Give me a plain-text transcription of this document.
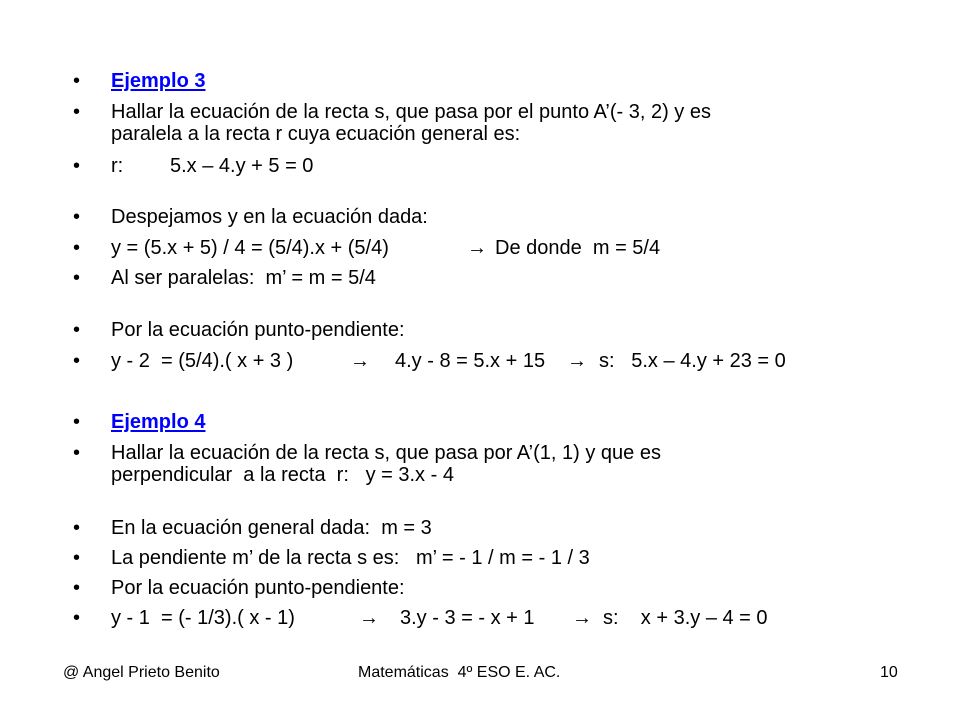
• Ejemplo 3
• Hallar la ecuación de la recta s, que pasa por el punto A’(- 3, 2) y es
paralela a la recta r cuya ecuación general es:
• r: 5.x – 4.y + 5 = 0
• Despejamos y en la ecuación dada:
• y = (5.x + 5) / 4 = (5/4).x + (5/4)	→ De donde  m = 5/4
• Al ser paralelas:  m’ = m = 5/4
• Por la ecuación punto-pendiente:
• y - 2  = (5/4).( x + 3 )	→ 4.y - 8 = 5.x + 15 → s:   5.x – 4.y + 23 = 0
• Ejemplo 4
• Hallar la ecuación de la recta s, que pasa por A’(1, 1) y que es
perpendicular  a la recta  r:   y = 3.x - 4
• En la ecuación general dada:  m = 3
• La pendiente m’ de la recta s es:   m’ = - 1 / m = - 1 / 3
• Por la ecuación punto-pendiente:
• y - 1  = (- 1/3).( x - 1)	→ 3.y - 3 = - x + 1 → s:    x + 3.y – 4 = 0
@ Angel Prieto Benito	Matemáticas  4º ESO E. AC.	10
